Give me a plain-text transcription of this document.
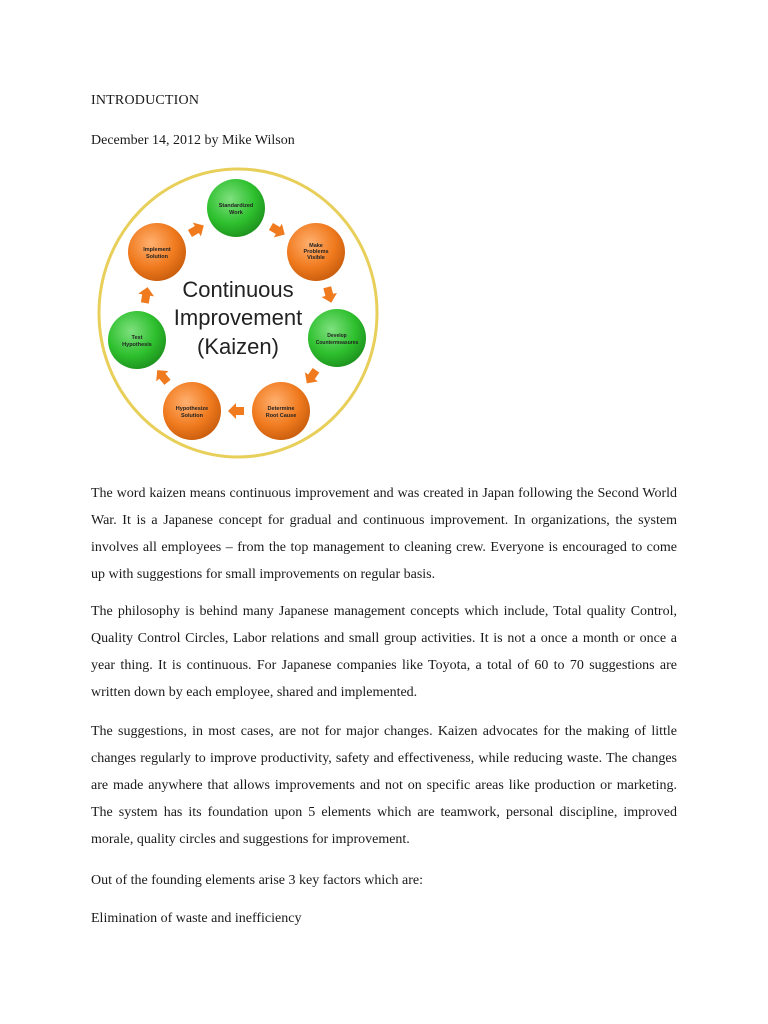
INTRODUCTION
December 14, 2012 by Mike Wilson
Continuous
Improvement
(Kaizen)
Standardized
Work
Make
Problems
Visible
Develop
Countermeasures
Determine
Root Cause
Hypothesize
Solution
Test
Hypothesis
Implement
Solution

The word kaizen means continuous improvement and was created in Japan following the Second World War. It is a Japanese concept for gradual and continuous improvement. In organizations, the system involves all employees – from the top management to cleaning crew. Everyone is encouraged to come up with suggestions for small improvements on regular basis.

The philosophy is behind many Japanese management concepts which include, Total quality Control, Quality Control Circles, Labor relations and small group activities. It is not a once a month or once a year thing. It is continuous. For Japanese companies like Toyota, a total of 60 to 70 suggestions are written down by each employee, shared and implemented.

The suggestions, in most cases, are not for major changes. Kaizen advocates for the making of little changes regularly to improve productivity, safety and effectiveness, while reducing waste. The changes are made anywhere that allows improvements and not on specific areas like production or marketing. The system has its foundation upon 5 elements which are teamwork, personal discipline, improved morale, quality circles and suggestions for improvement.

Out of the founding elements arise 3 key factors which are:

Elimination of waste and inefficiency
